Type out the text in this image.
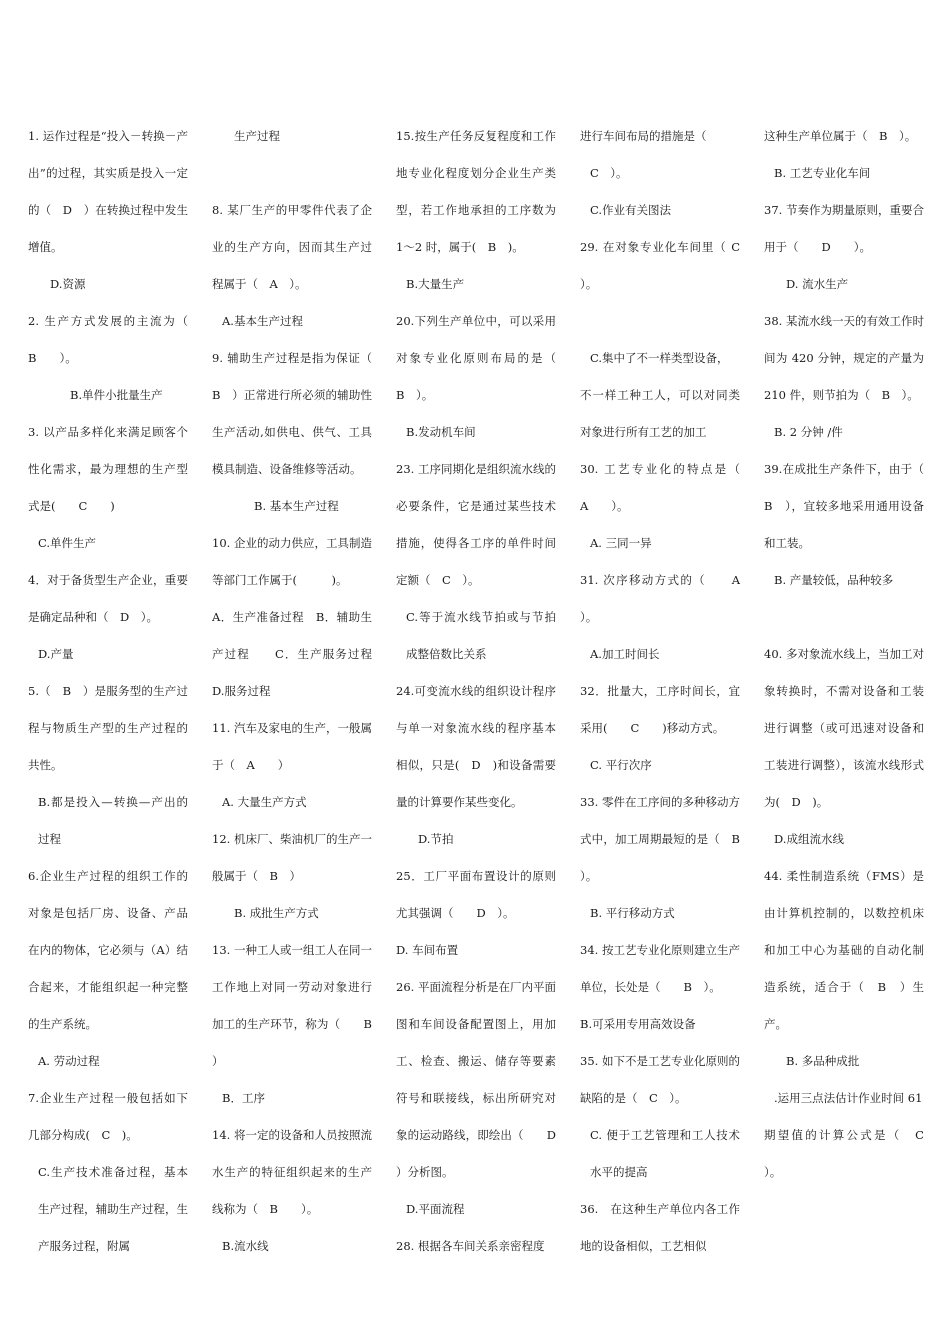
1. 运作过程是“投入－转换－产出”的过程，其实质是投入一定的（　D　）在转换过程中发生增值。
D.资源
2. 生产方式发展的主流为（　B　　）。
B.单件小批量生产
3. 以产品多样化来满足顾客个性化需求，最为理想的生产型式是(　　C　　)
C.单件生产
4．对于备货型生产企业，重要是确定品种和（　D　）。
D.产量
5.（　B　）是服务型的生产过程与物质生产型的生产过程的共性。
B.都是投入—转换—产出的过程
6.企业生产过程的组织工作的对象是包括厂房、设备、产品在内的物体，它必须与（A）结合起来，才能组织起一种完整的生产系统。
A. 劳动过程
7.企业生产过程一般包括如下几部分构成(　C　)。
C.生产技术准备过程，基本生产过程，辅助生产过程，生产服务过程，附属
生产过程
8. 某厂生产的甲零件代表了企业的生产方向，因而其生产过程属于（　A　）。
A.基本生产过程
9. 辅助生产过程是指为保证（　B　）正常进行所必须的辅助性生产活动,如供电、供气、工具模具制造、设备维修等活动。
B. 基本生产过程
10. 企业的动力供应，工具制造等部门工作属于(　　　)。
A．生产准备过程　B．辅助生产过程　　C．生产服务过程　　D.服务过程
11. 汽车及家电的生产，一般属于（　A　　）
A. 大量生产方式
12. 机床厂、柴油机厂的生产一般属于（　B　）
B. 成批生产方式
13. 一种工人或一组工人在同一工作地上对同一劳动对象进行加工的生产环节，称为（　　B　　）
B．工序
14. 将一定的设备和人员按照流水生产的特征组织起来的生产线称为（　B　　）。
B.流水线
15.按生产任务反复程度和工作地专业化程度划分企业生产类型，若工作地承担的工序数为 1～2 时，属于(　B　)。
B.大量生产
20.下列生产单位中，可以采用对象专业化原则布局的是（　　　B　）。
B.发动机车间
23. 工序同期化是组织流水线的必要条件，它是通过某些技术措施，使得各工序的单件时间定额（　C　）。
C.等于流水线节拍或与节拍成整倍数比关系
24.可变流水线的组织设计程序与单一对象流水线的程序基本相似，只是(　D　)和设备需要量的计算要作某些变化。
D.节拍
25．工厂平面布置设计的原则尤其强调（　　D　）。
D. 车间布置
26. 平面流程分析是在厂内平面图和车间设备配置图上，用加工、检查、搬运、储存等要素符号和联接线，标出所研究对象的运动路线，即绘出（　　D　）分析图。
D.平面流程
28. 根据各车间关系亲密程度
进行车间布局的措施是（
C　）。
C.作业有关图法
29. 在对象专业化车间里（ C ）。
C.集中了不一样类型设备，
不一样工种工人，可以对同类对象进行所有工艺的加工
30. 工艺专业化的特点是（　　A　　）。
A. 三同一异
31. 次序移动方式的（　　A　）。
A.加工时间长
32．批量大，工序时间长，宜采用(　　C　　)移动方式。
C. 平行次序
33. 零件在工序间的多种移动方式中，加工周期最短的是（　B　）。
B. 平行移动方式
34. 按工艺专业化原则建立生产单位，长处是（　　B　）。
B.可采用专用高效设备
35. 如下不是工艺专业化原则的缺陷的是（　C　）。
C. 便于工艺管理和工人技术水平的提高
36.　在这种生产单位内各工作地的设备相似，工艺相似
这种生产单位属于（　B　）。
B. 工艺专业化车间
37. 节奏作为期量原则，重要合用于（　　D　　）。
D. 流水生产
38. 某流水线一天的有效工作时间为 420 分钟，规定的产量为 210 件，则节拍为（　B　）。
B. 2 分钟 /件
39.在成批生产条件下，由于（　B　），宜较多地采用通用设备和工装。
B. 产量较低，品种较多
40. 多对象流水线上，当加工对象转换时，不需对设备和工装进行调整（或可迅速对设备和工装进行调整），该流水线形式为(　D　)。
D.成组流水线
44. 柔性制造系统（FMS）是由计算机控制的，以数控机床和加工中心为基础的自动化制造系统，适合于（　B　）生产。
B. 多品种成批
.运用三点法估计作业时间 61
期望值的计算公式是（　C　）。
